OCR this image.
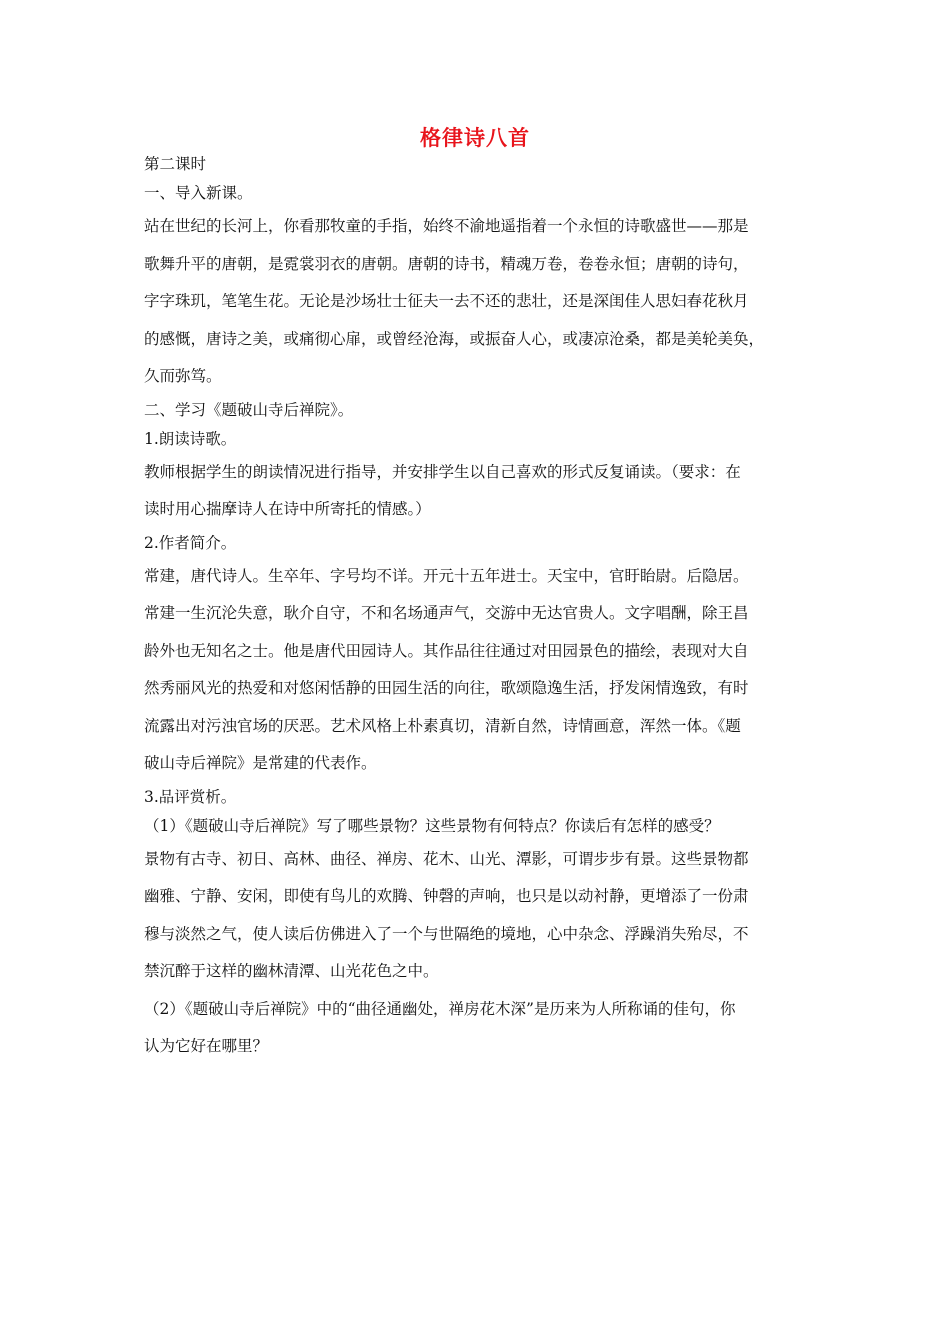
格律诗八首

第二课时

一、导入新课。

站在世纪的长河上，你看那牧童的手指，始终不渝地遥指着一个永恒的诗歌盛世——那是

歌舞升平的唐朝，是霓裳羽衣的唐朝。唐朝的诗书，精魂万卷，卷卷永恒；唐朝的诗句，

字字珠玑，笔笔生花。无论是沙场壮士征夫一去不还的悲壮，还是深闺佳人思妇春花秋月

的感慨，唐诗之美，或痛彻心扉，或曾经沧海，或振奋人心，或凄凉沧桑，都是美轮美奂，

久而弥笃。

二、学习《题破山寺后禅院》。

1.朗读诗歌。

教师根据学生的朗读情况进行指导，并安排学生以自己喜欢的形式反复诵读。（要求：在

读时用心揣摩诗人在诗中所寄托的情感。）

2.作者简介。

常建，唐代诗人。生卒年、字号均不详。开元十五年进士。天宝中，官盱眙尉。后隐居。

常建一生沉沦失意，耿介自守，不和名场通声气，交游中无达官贵人。文字唱酬，除王昌

龄外也无知名之士。他是唐代田园诗人。其作品往往通过对田园景色的描绘，表现对大自

然秀丽风光的热爱和对悠闲恬静的田园生活的向往，歌颂隐逸生活，抒发闲情逸致，有时

流露出对污浊官场的厌恶。艺术风格上朴素真切，清新自然，诗情画意，浑然一体。《题

破山寺后禅院》是常建的代表作。

3.品评赏析。

（1）《题破山寺后禅院》写了哪些景物？这些景物有何特点？你读后有怎样的感受？

景物有古寺、初日、高林、曲径、禅房、花木、山光、潭影，可谓步步有景。这些景物都

幽雅、宁静、安闲，即使有鸟儿的欢腾、钟磬的声响，也只是以动衬静，更增添了一份肃

穆与淡然之气，使人读后仿佛进入了一个与世隔绝的境地，心中杂念、浮躁消失殆尽，不

禁沉醉于这样的幽林清潭、山光花色之中。

（2）《题破山寺后禅院》中的“曲径通幽处，禅房花木深”是历来为人所称诵的佳句，你

认为它好在哪里？
